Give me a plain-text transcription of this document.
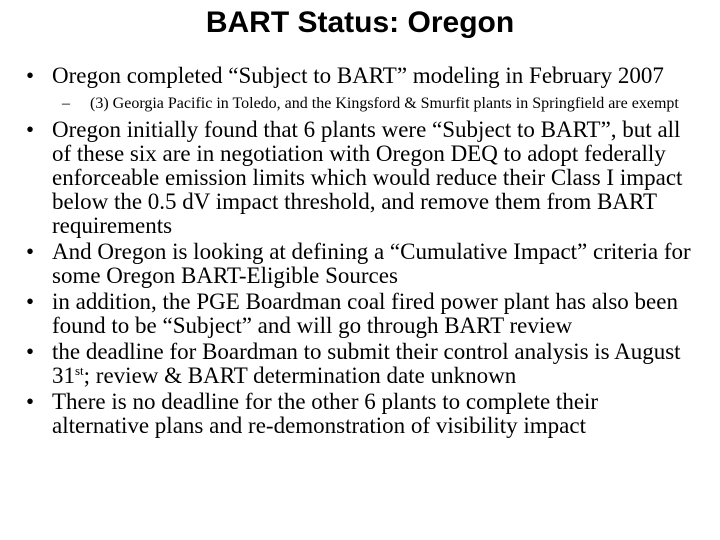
BART Status: Oregon
• Oregon completed “Subject to BART” modeling in February 2007
–	(3) Georgia Pacific in Toledo, and the Kingsford & Smurfit plants in Springfield are exempt
• Oregon initially found that 6 plants were “Subject to BART”, but all of these six are in negotiation with Oregon DEQ to adopt federally enforceable emission limits which would reduce their Class I impact below the 0.5 dV impact threshold, and remove them from BART requirements
• And Oregon is looking at defining a “Cumulative Impact” criteria for some Oregon BART-Eligible Sources
• in addition, the PGE Boardman coal fired power plant has also been found to be “Subject” and will go through BART review
• the deadline for Boardman to submit their control analysis is August 31st; review & BART determination date unknown
• There is no deadline for the other 6 plants to complete their alternative plans and re-demonstration of visibility impact
